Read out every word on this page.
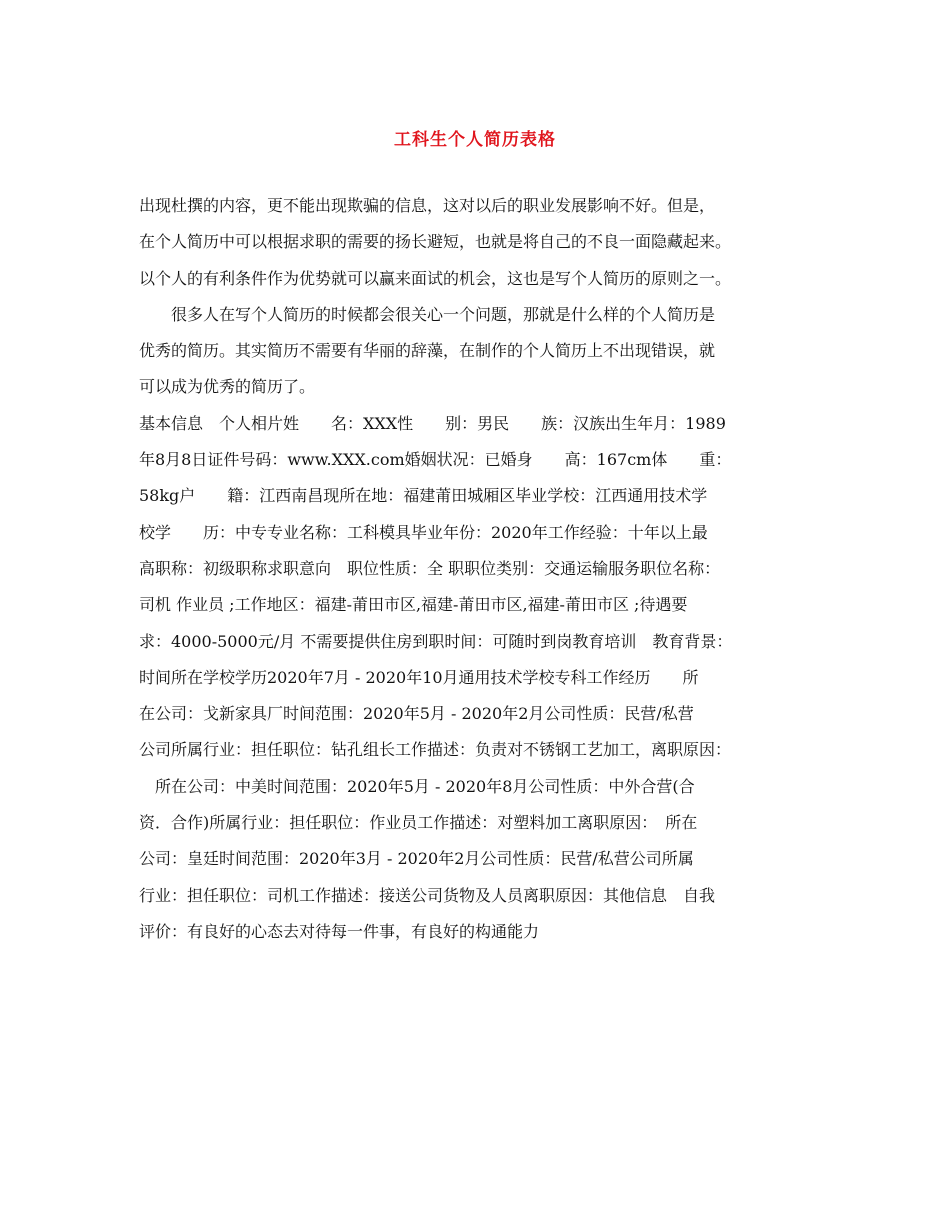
工科生个人简历表格
出现杜撰的内容，更不能出现欺骗的信息，这对以后的职业发展影响不好。但是，
在个人简历中可以根据求职的需要的扬长避短，也就是将自己的不良一面隐藏起来。
以个人的有利条件作为优势就可以赢来面试的机会，这也是写个人简历的原则之一。
　　很多人在写个人简历的时候都会很关心一个问题，那就是什么样的个人简历是
优秀的简历。其实简历不需要有华丽的辞藻，在制作的个人简历上不出现错误，就
可以成为优秀的简历了。
基本信息　个人相片姓　　名：XXX性　　别：男民　　族：汉族出生年月：1989
年8月8日证件号码：www.XXX.com婚姻状况：已婚身　　高：167cm体　　重：
58kg户　　籍：江西南昌现所在地：福建莆田城厢区毕业学校：江西通用技术学
校学　　历：中专专业名称：工科模具毕业年份：2020年工作经验：十年以上最
高职称：初级职称求职意向　职位性质：全 职职位类别：交通运输服务职位名称：
司机 作业员 ;工作地区：福建-莆田市区,福建-莆田市区,福建-莆田市区 ;待遇要
求：4000-5000元/月 不需要提供住房到职时间：可随时到岗教育培训　教育背景：
时间所在学校学历2020年7月 - 2020年10月通用技术学校专科工作经历　　所
在公司：戈新家具厂时间范围：2020年5月 - 2020年2月公司性质：民营/私营
公司所属行业：担任职位：钻孔组长工作描述：负责对不锈钢工艺加工，离职原因：
　所在公司：中美时间范围：2020年5月 - 2020年8月公司性质：中外合营(合
资．合作)所属行业：担任职位：作业员工作描述：对塑料加工离职原因：　所在
公司：皇廷时间范围：2020年3月 - 2020年2月公司性质：民营/私营公司所属
行业：担任职位：司机工作描述：接送公司货物及人员离职原因：其他信息　自我
评价：有良好的心态去对待每一件事，有良好的构通能力
